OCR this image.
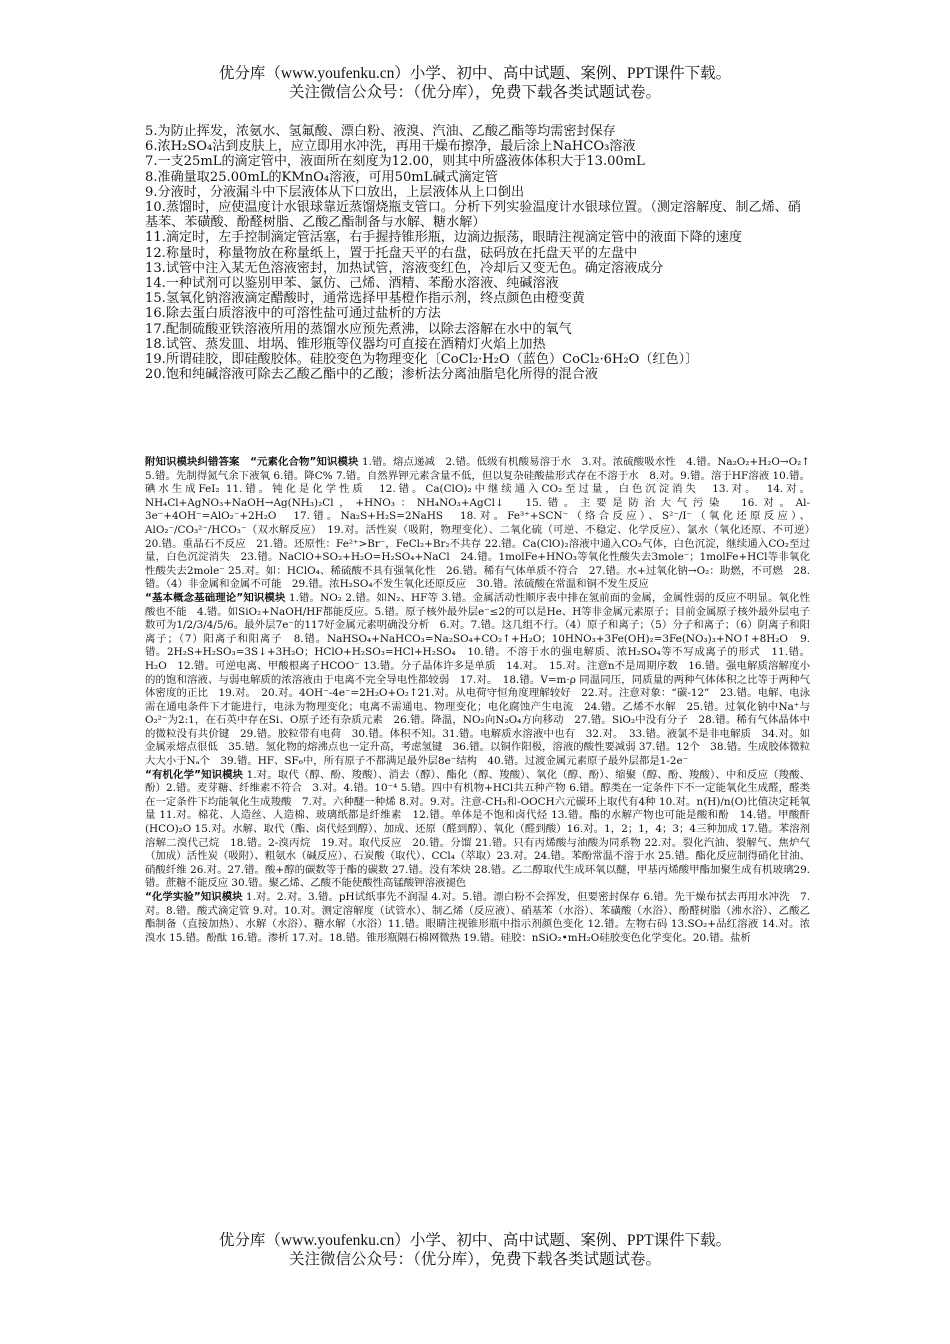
优分库（www.youfenku.cn）小学、初中、高中试题、案例、PPT课件下载。
关注微信公众号：（优分库），免费下载各类试题试卷。
5.为防止挥发，浓氨水、氢氟酸、漂白粉、液溴、汽油、乙酸乙酯等均需密封保存
6.浓H₂SO₄沾到皮肤上，应立即用水冲洗，再用干燥布擦净，最后涂上NaHCO₃溶液
7.一支25mL的滴定管中，液面所在刻度为12.00，则其中所盛液体体积大于13.00mL
8.准确量取25.00mL的KMnO₄溶液，可用50mL碱式滴定管
9.分液时，分液漏斗中下层液体从下口放出，上层液体从上口倒出
10.蒸馏时，应使温度计水银球靠近蒸馏烧瓶支管口。分析下列实验温度计水银球位置。（测定溶解度、制乙烯、硝基苯、苯磺酸、酚醛树脂、乙酸乙酯制备与水解、糖水解）
11.滴定时，左手控制滴定管活塞，右手握持锥形瓶，边滴边振荡，眼睛注视滴定管中的液面下降的速度
12.称量时，称量物放在称量纸上，置于托盘天平的右盘，砝码放在托盘天平的左盘中
13.试管中注入某无色溶液密封，加热试管，溶液变红色，冷却后又变无色。确定溶液成分
14.一种试剂可以鉴别甲苯、氯仿、己烯、酒精、苯酚水溶液、纯碱溶液
15.氢氧化钠溶液滴定醋酸时，通常选择甲基橙作指示剂，终点颜色由橙变黄
16.除去蛋白质溶液中的可溶性盐可通过盐析的方法
17.配制硫酸亚铁溶液所用的蒸馏水应预先煮沸，以除去溶解在水中的氧气
18.试管、蒸发皿、坩埚、锥形瓶等仪器均可直接在酒精灯火焰上加热
19.所谓硅胶，即硅酸胶体。硅胶变色为物理变化〔CoCl₂·H₂O（蓝色）CoCl₂·6H₂O（红色）〕
20.饱和纯碱溶液可除去乙酸乙酯中的乙酸；渗析法分离油脂皂化所得的混合液

附知识模块纠错答案　“元素化合物”知识模块 1.错。熔点递减　2.错。低级有机酸易溶于水　3.对。浓硫酸吸水性　4.错。Na₂O₂+H₂O→O₂↑　5.错。先制得氮气余下液氧 6.错。降C% 7.错。自然界钾元素含量不低，但以复杂硅酸盐形式存在不溶于水　8.对。9.错。溶于HF溶液 10.错。碘水生成FeI₂ 11.错。钝化是化学性质　12.错。Ca(ClO)₂中继续通入CO₂至过量，白色沉淀消失　13.对。　14.对。NH₄Cl+AgNO₃+NaOH→Ag(NH₃)₂Cl，+HNO₃：NH₄NO₃+AgCl↓　15.错。主要是防治大气污染　16.对。Al-3e⁻+4OH⁻=AlO₂⁻+2H₂O　17.错。Na₂S+H₂S=2NaHS　18.对。Fe³⁺+SCN⁻（络合反应）、S²⁻/I⁻（氧化还原反应）、AlO₂⁻/CO₃²⁻/HCO₃⁻（双水解反应）　19.对。活性炭（吸附，物理变化）、二氧化硫（可逆、不稳定、化学反应）、氯水（氧化还原、不可逆）　20.错。重晶石不反应　21.错。还原性：Fe²⁺>Br⁻，FeCl₂+Br₂不共存 22.错。Ca(ClO)₂溶液中通入CO₂气体，白色沉淀，继续通入CO₂至过量，白色沉淀消失　23.错。NaClO+SO₂+H₂O=H₂SO₄+NaCl　24.错。1molFe+HNO₃等氧化性酸失去3mole⁻；1molFe+HCl等非氧化性酸失去2mole⁻ 25.对。如：HClO₄、稀硫酸不具有强氧化性　26.错。稀有气体单质不符合　27.错。水+过氧化钠→O₂：助燃，不可燃　28.错。（4）非金属和金属不可能　29.错。浓H₂SO₄不发生氧化还原反应　30.错。浓硫酸在常温和铜不发生反应

“基本概念基础理论”知识模块 1.错。NO₂ 2.错。如N₂、HF等 3.错。金属活动性顺序表中排在氢前面的金属，金属性弱的反应不明显。氧化性酸也不能　4.错。如SiO₂+NaOH/HF都能反应。5.错。原子核外最外层e⁻≤2的可以是He、H等非金属元素原子；目前金属原子核外最外层电子数可为1/2/3/4/5/6。最外层7e⁻的117好金属元素明确没分析　6.对。7.错。这几组不行。（4）原子和离子；（5）分子和离子；（6）阴离子和阳离子；（7）阳离子和阳离子　8.错。NaHSO₄+NaHCO₃=Na₂SO₄+CO₂↑+H₂O；10HNO₃+3Fe(OH)₂=3Fe(NO₃)₃+NO↑+8H₂O　9.错。2H₂S+H₂SO₃=3S↓+3H₂O；HClO+H₂SO₃=HCl+H₂SO₄　10.错。不溶于水的强电解质、浓H₂SO₄等不写成离子的形式　11.错。H₂O　12.错。可逆电离、甲酸根离子HCOO⁻ 13.错。分子晶体许多是单质　14.对。　15.对。注意n不是周期序数　16.错。强电解质溶解度小的的饱和溶液、与弱电解质的浓溶液由于电离不完全导电性都较弱　17.对。　18.错。V=m·ρ 同温同压，同质量的两种气体体积之比等于两种气体密度的正比　19.对。　20.对。4OH⁻-4e⁻=2H₂O+O₂↑21.对。从电荷守恒角度理解较好　22.对。注意对象：“碳-12”　23.错。电解、电泳需在通电条件下才能进行，电泳为物理变化；电离不需通电、物理变化；电化腐蚀产生电流　24.错。乙烯不水解　25.错。过氧化钠中Na⁺与O₂²⁻为2:1，在石英中存在Si、O原子还有杂质元素　26.错。降温，NO₂向N₂O₄方向移动　27.错。SiO₂中没有分子　28.错。稀有气体晶体中的微粒没有共价键　29.错。胶粒带有电荷　30.错。体积不知。31.错。电解质水溶液中也有　32.对。　33.错。液氯不是非电解质　34.对。如金属汞熔点很低　35.错。氢化物的熔沸点也一定升高，考虑氢键　36.错。以铜作阳极，溶液的酸性要减弱 37.错。12个　38.错。生成胶体微粒大大小于Nₐ个　39.错。HF、SF₆中，所有原子不都满足最外层8e⁻结构　40.错。过渡金属元素原子最外层都是1-2e⁻

“有机化学”知识模块 1.对。取代（醇、酚、羧酸）、消去（醇）、酯化（醇、羧酸）、氧化（醇、酚）、缩聚（醇、酚、羧酸）、中和反应（羧酸、酚）2.错。麦芽糖、纤维素不符合　3.对。4.错。10⁻⁴ 5.错。四中有机物+HCl共五种产物 6.错。醇类在一定条件下不一定能氧化生成醛，醛类在一定条件下均能氧化生成羧酸　7.对。六种醚一种烯 8.对。9.对。注意-CH₃和-OOCH六元碳环上取代有4种 10.对。n(H)/n(O)比值决定耗氧量 11.对。棉花、人造丝、人造棉、玻璃纸都是纤维素　12.错。单体是不饱和卤代烃 13.错。酯的水解产物也可能是酸和酚　14.错。甲酸酐(HCO)₂O 15.对。水解、取代（酯、卤代烃到醇）、加成、还原（醛到醇）、氧化（醛到酸）16.对。1，2；1，4；3；4三种加成 17.错。苯溶剂溶解二溴代己烷　18.错。2-溴丙烷　19.对。取代反应　20.错。分馏 21.错。只有丙烯酸与油酸为同系物 22.对。裂化汽油、裂解气、焦炉气（加成）活性炭（吸附）、粗氨水（碱反应）、石炭酸（取代）、CCl₄（萃取）23.对。24.错。苯酚常温不溶于水 25.错。酯化反应制得硝化甘油、硝酸纤维 26.对。27.错。酸+醇的碳数等于酯的碳数 27.错。没有苯炔 28.错。乙二醇取代生成环氧以醚，甲基丙烯酸甲酯加聚生成有机玻璃29.错。蔗糖不能反应 30.错。聚乙烯、乙酸不能使酸性高锰酸钾溶液褪色

“化学实验”知识模块 1.对。2.对。3.错。pH试纸事先不润湿 4.对。5.错。漂白粉不会挥发，但要密封保存 6.错。先干燥布拭去再用水冲洗　7.对。8.错。酸式滴定管 9.对。10.对。测定溶解度（试管水）、制乙烯（反应液）、硝基苯（水浴）、苯磺酸（水浴）、酚醛树脂（沸水浴）、乙酸乙酯制备（直接加热）、水解（水浴）、糖水解（水浴）11.错。眼睛注视锥形瓶中指示剂颜色变化 12.错。左物右码 13.SO₂+品红溶液 14.对。浓溴水 15.错。酚酞 16.错。渗析 17.对。18.错。锥形瓶隔石棉网微热 19.错。硅胶：nSiO₂•mH₂O硅胶变色化学变化。20.错。盐析

优分库（www.youfenku.cn）小学、初中、高中试题、案例、PPT课件下载。
关注微信公众号：（优分库），免费下载各类试题试卷。
